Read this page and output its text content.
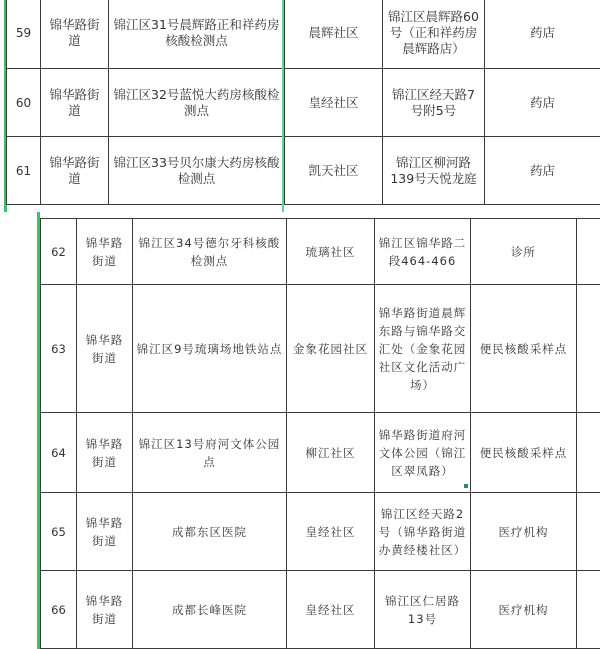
59	锦华路街道	锦江区31号晨辉路正和祥药房核酸检测点	晨辉社区	锦江区晨辉路60号（正和祥药房晨辉路店）	药店
60	锦华路街道	锦江区32号蓝悦大药房核酸检测点	皇经社区	锦江区经天路7号附5号	药店
61	锦华路街道	锦江区33号贝尔康大药房核酸检测点	凯天社区	锦江区柳河路139号天悦龙庭	药店
62	锦华路街道	锦江区34号德尔牙科核酸检测点	琉璃社区	锦江区锦华路二段464-466	诊所	
63	锦华路街道	锦江区9号琉璃场地铁站点	金象花园社区	锦华路街道晨辉东路与锦华路交汇处（金象花园社区文化活动广场）	便民核酸采样点	
64	锦华路街道	锦江区13号府河文体公园点	柳江社区	锦华路街道府河文体公园（锦江区翠凤路）	便民核酸采样点	
65	锦华路街道	成都东区医院	皇经社区	锦江区经天路2号（锦华路街道办黄经楼社区）	医疗机构	
66	锦华路街道	成都长峰医院	皇经社区	锦江区仁居路13号	医疗机构	
